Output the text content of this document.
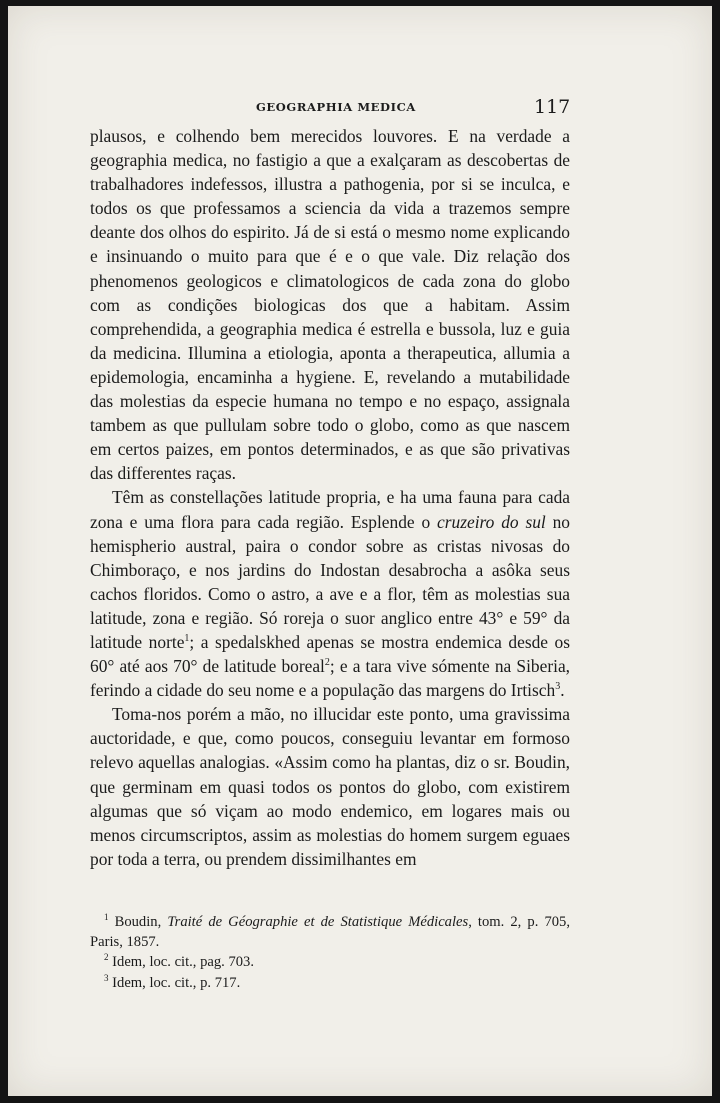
GEOGRAPHIA MEDICA	117

plausos, e colhendo bem merecidos louvores. E na verdade a geographia medica, no fastigio a que a exalçaram as descobertas de trabalhadores indefessos, illustra a pathogenia, por si se inculca, e todos os que professamos a sciencia da vida a trazemos sempre deante dos olhos do espirito. Já de si está o mesmo nome explicando e insinuando o muito para que é e o que vale. Diz relação dos phenomenos geologicos e climatologicos de cada zona do globo com as condições biologicas dos que a habitam. Assim comprehendida, a geographia medica é estrella e bussola, luz e guia da medicina. Illumina a etiologia, aponta a therapeutica, allumia a epidemologia, encaminha a hygiene. E, revelando a mutabilidade das molestias da especie humana no tempo e no espaço, assignala tambem as que pullulam sobre todo o globo, como as que nascem em certos paizes, em pontos determinados, e as que são privativas das differentes raças.

Têm as constellações latitude propria, e ha uma fauna para cada zona e uma flora para cada região. Esplende o cruzeiro do sul no hemispherio austral, paira o condor sobre as cristas nivosas do Chimboraço, e nos jardins do Indostan desabrocha a asôka seus cachos floridos. Como o astro, a ave e a flor, têm as molestias sua latitude, zona e região. Só roreja o suor anglico entre 43° e 59° da latitude norte$^1$; a spedalskhed apenas se mostra endemica desde os 60° até aos 70° de latitude boreal$^2$; e a tara vive sómente na Siberia, ferindo a cidade do seu nome e a população das margens do Irtisch$^3$.

Toma-nos porém a mão, no illucidar este ponto, uma gravissima auctoridade, e que, como poucos, conseguiu levantar em formoso relevo aquellas analogias. «Assim como ha plantas, diz o sr. Boudin, que germinam em quasi todos os pontos do globo, com existirem algumas que só viçam ao modo endemico, em logares mais ou menos circumscriptos, assim as molestias do homem surgem eguaes por toda a terra, ou prendem dissimilhantes em

$^1$ Boudin, Traité de Géographie et de Statistique Médicales, tom. 2, p. 705, Paris, 1857.

$^2$ Idem, loc. cit., pag. 703.

$^3$ Idem, loc. cit., p. 717.
